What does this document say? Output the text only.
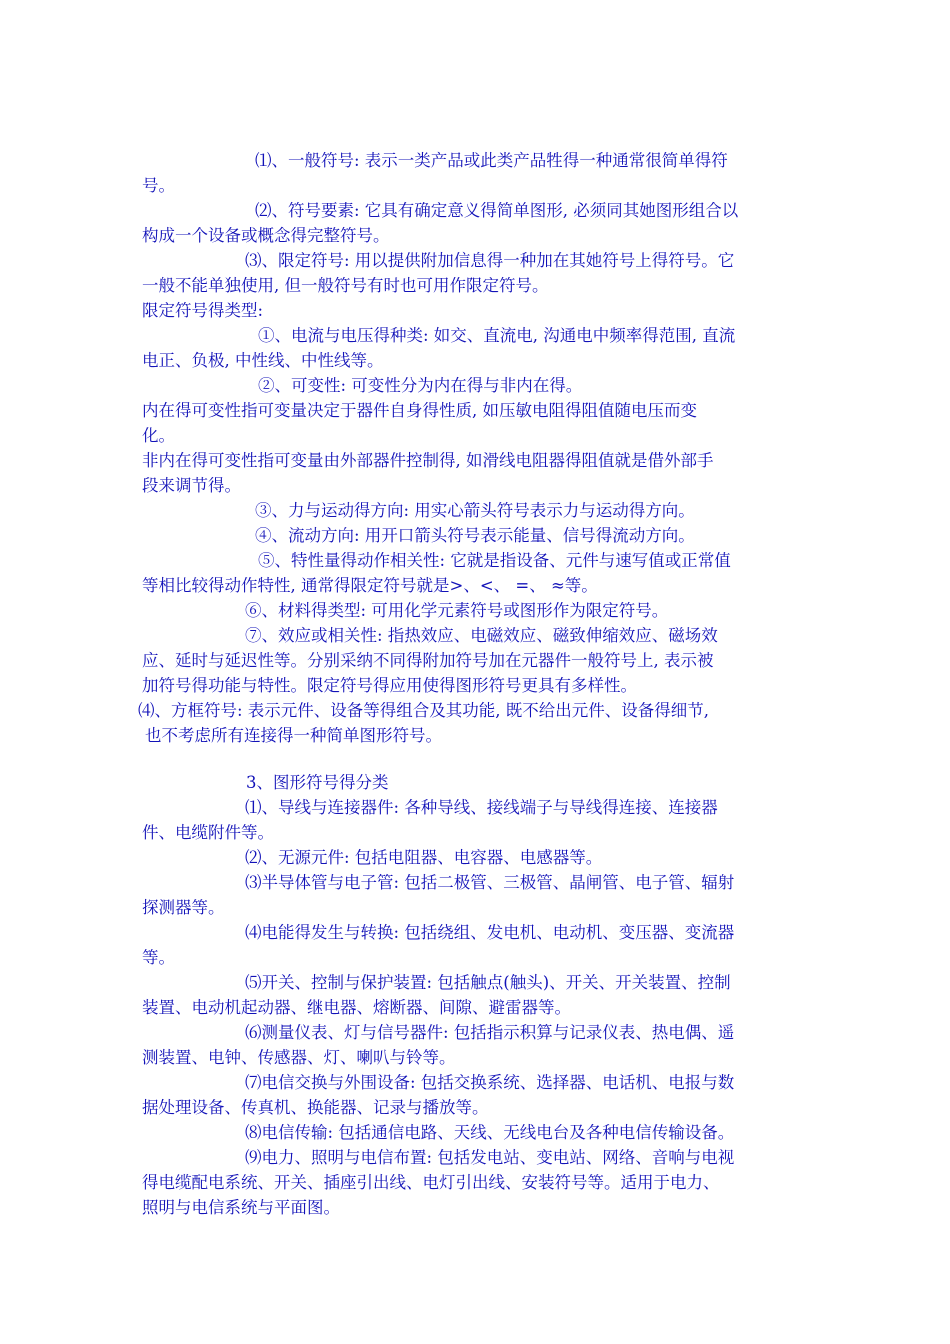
⑴、一般符号: 表示一类产品或此类产品牲得一种通常很简单得符
号。
⑵、符号要素: 它具有确定意义得简单图形, 必须同其她图形组合以
构成一个设备或概念得完整符号。
⑶、限定符号: 用以提供附加信息得一种加在其她符号上得符号。它
一般不能单独使用, 但一般符号有时也可用作限定符号。
限定符号得类型:
①、电流与电压得种类: 如交、直流电, 沟通电中频率得范围, 直流
电正、负极, 中性线、中性线等。
②、可变性: 可变性分为内在得与非内在得。
内在得可变性指可变量决定于器件自身得性质, 如压敏电阻得阻值随电压而变
化。
非内在得可变性指可变量由外部器件控制得, 如滑线电阻器得阻值就是借外部手
段来调节得。
③、力与运动得方向: 用实心箭头符号表示力与运动得方向。
④、流动方向: 用开口箭头符号表示能量、信号得流动方向。
⑤、特性量得动作相关性: 它就是指设备、元件与速写值或正常值
等相比较得动作特性, 通常得限定符号就是>、<、 =、 ≈等。
⑥、材料得类型: 可用化学元素符号或图形作为限定符号。
⑦、效应或相关性: 指热效应、电磁效应、磁致伸缩效应、磁场效
应、延时与延迟性等。分别采纳不同得附加符号加在元器件一般符号上, 表示被
加符号得功能与特性。限定符号得应用使得图形符号更具有多样性。
⑷、方框符号: 表示元件、设备等得组合及其功能, 既不给出元件、设备得细节,
也不考虑所有连接得一种简单图形符号。
3、图形符号得分类
⑴、导线与连接器件: 各种导线、接线端子与导线得连接、连接器
件、电缆附件等。
⑵、无源元件: 包括电阻器、电容器、电感器等。
⑶半导体管与电子管: 包括二极管、三极管、晶闸管、电子管、辐射
探测器等。
⑷电能得发生与转换: 包括绕组、发电机、电动机、变压器、变流器
等。
⑸开关、控制与保护装置: 包括触点(触头)、开关、开关装置、控制
装置、电动机起动器、继电器、熔断器、间隙、避雷器等。
⑹测量仪表、灯与信号器件: 包括指示积算与记录仪表、热电偶、遥
测装置、电钟、传感器、灯、喇叭与铃等。
⑺电信交换与外围设备: 包括交换系统、选择器、电话机、电报与数
据处理设备、传真机、换能器、记录与播放等。
⑻电信传输: 包括通信电路、天线、无线电台及各种电信传输设备。
⑼电力、照明与电信布置: 包括发电站、变电站、网络、音响与电视
得电缆配电系统、开关、插座引出线、电灯引出线、安装符号等。适用于电力、
照明与电信系统与平面图。
